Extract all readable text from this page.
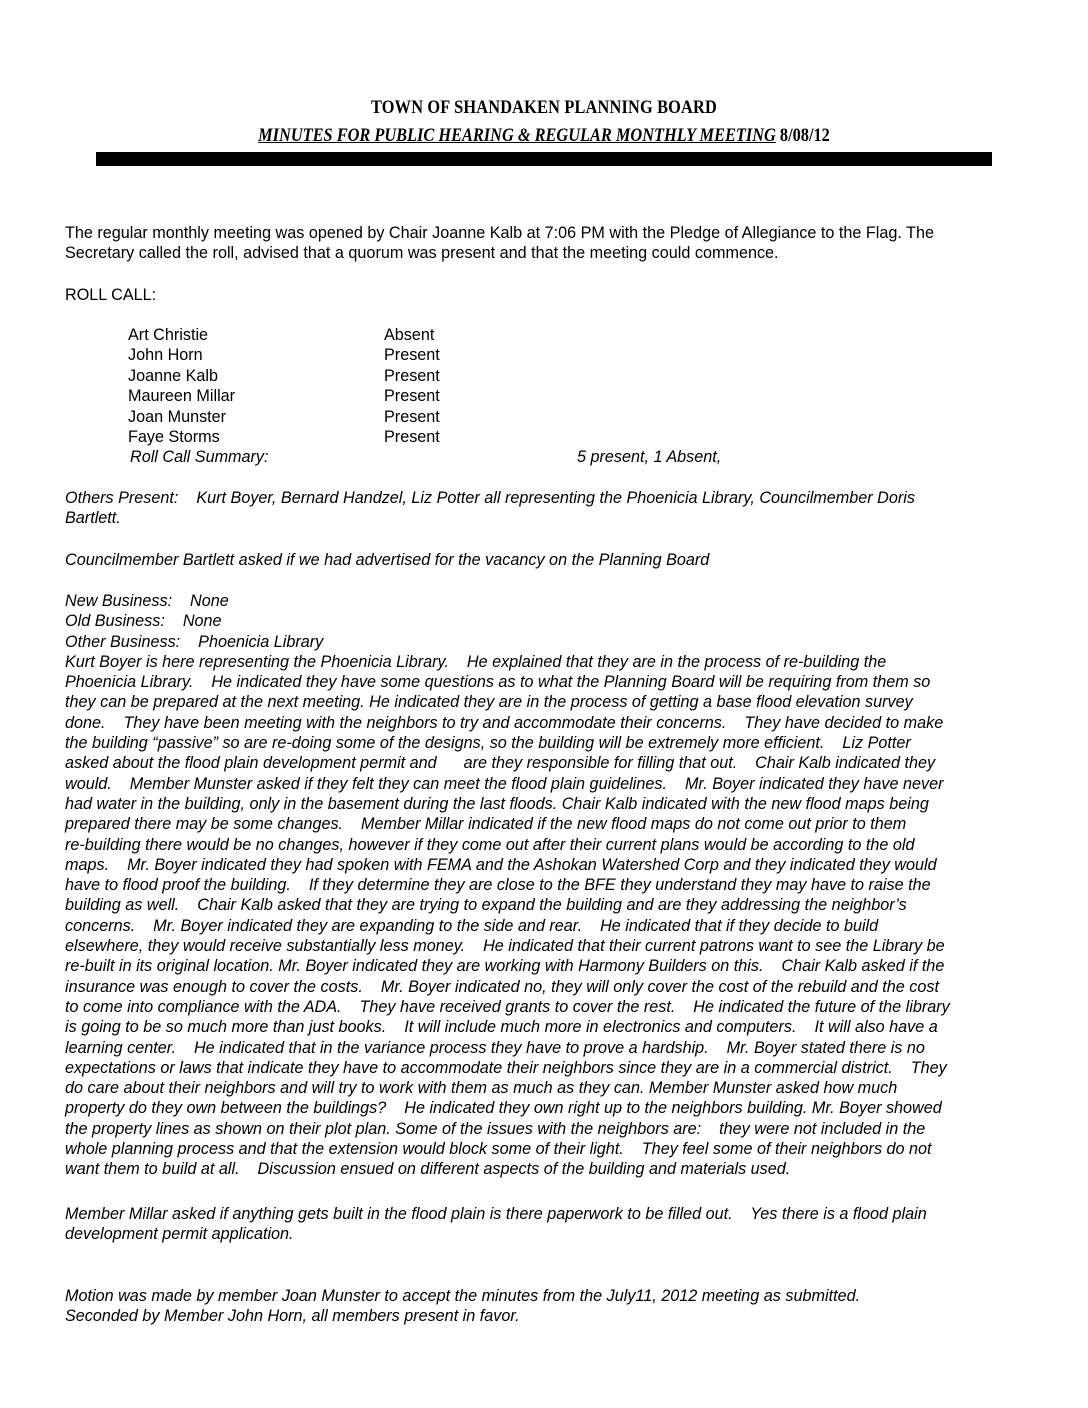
TOWN OF SHANDAKEN PLANNING BOARD
MINUTES FOR PUBLIC HEARING & REGULAR MONTHLY MEETING 8/08/12
The regular monthly meeting was opened by Chair Joanne Kalb at 7:06 PM with the Pledge of Allegiance to the Flag. The
Secretary called the roll, advised that a quorum was present and that the meeting could commence.
ROLL CALL:
Art Christie	Absent
John Horn	Present
Joanne Kalb	Present
Maureen Millar	Present
Joan Munster	Present
Faye Storms	Present
Roll Call Summary:	5 present, 1 Absent,
Others Present:    Kurt Boyer, Bernard Handzel, Liz Potter all representing the Phoenicia Library, Councilmember Doris
Bartlett.
Councilmember Bartlett asked if we had advertised for the vacancy on the Planning Board
New Business:    None
Old Business:    None
Other Business:    Phoenicia Library
Kurt Boyer is here representing the Phoenicia Library.    He explained that they are in the process of re-building the
Phoenicia Library.    He indicated they have some questions as to what the Planning Board will be requiring from them so
they can be prepared at the next meeting. He indicated they are in the process of getting a base flood elevation survey
done.    They have been meeting with the neighbors to try and accommodate their concerns.    They have decided to make
the building “passive” so are re-doing some of the designs, so the building will be extremely more efficient.    Liz Potter
asked about the flood plain development permit and      are they responsible for filling that out.    Chair Kalb indicated they
would.    Member Munster asked if they felt they can meet the flood plain guidelines.    Mr. Boyer indicated they have never
had water in the building, only in the basement during the last floods. Chair Kalb indicated with the new flood maps being
prepared there may be some changes.    Member Millar indicated if the new flood maps do not come out prior to them
re-building there would be no changes, however if they come out after their current plans would be according to the old
maps.    Mr. Boyer indicated they had spoken with FEMA and the Ashokan Watershed Corp and they indicated they would
have to flood proof the building.    If they determine they are close to the BFE they understand they may have to raise the
building as well.    Chair Kalb asked that they are trying to expand the building and are they addressing the neighbor’s
concerns.    Mr. Boyer indicated they are expanding to the side and rear.    He indicated that if they decide to build
elsewhere, they would receive substantially less money.    He indicated that their current patrons want to see the Library be
re-built in its original location. Mr. Boyer indicated they are working with Harmony Builders on this.    Chair Kalb asked if the
insurance was enough to cover the costs.    Mr. Boyer indicated no, they will only cover the cost of the rebuild and the cost
to come into compliance with the ADA.    They have received grants to cover the rest.    He indicated the future of the library
is going to be so much more than just books.    It will include much more in electronics and computers.    It will also have a
learning center.    He indicated that in the variance process they have to prove a hardship.    Mr. Boyer stated there is no
expectations or laws that indicate they have to accommodate their neighbors since they are in a commercial district.    They
do care about their neighbors and will try to work with them as much as they can. Member Munster asked how much
property do they own between the buildings?    He indicated they own right up to the neighbors building. Mr. Boyer showed
the property lines as shown on their plot plan. Some of the issues with the neighbors are:    they were not included in the
whole planning process and that the extension would block some of their light.    They feel some of their neighbors do not
want them to build at all.    Discussion ensued on different aspects of the building and materials used.
Member Millar asked if anything gets built in the flood plain is there paperwork to be filled out.    Yes there is a flood plain
development permit application.
Motion was made by member Joan Munster to accept the minutes from the July11, 2012 meeting as submitted.
Seconded by Member John Horn, all members present in favor.
